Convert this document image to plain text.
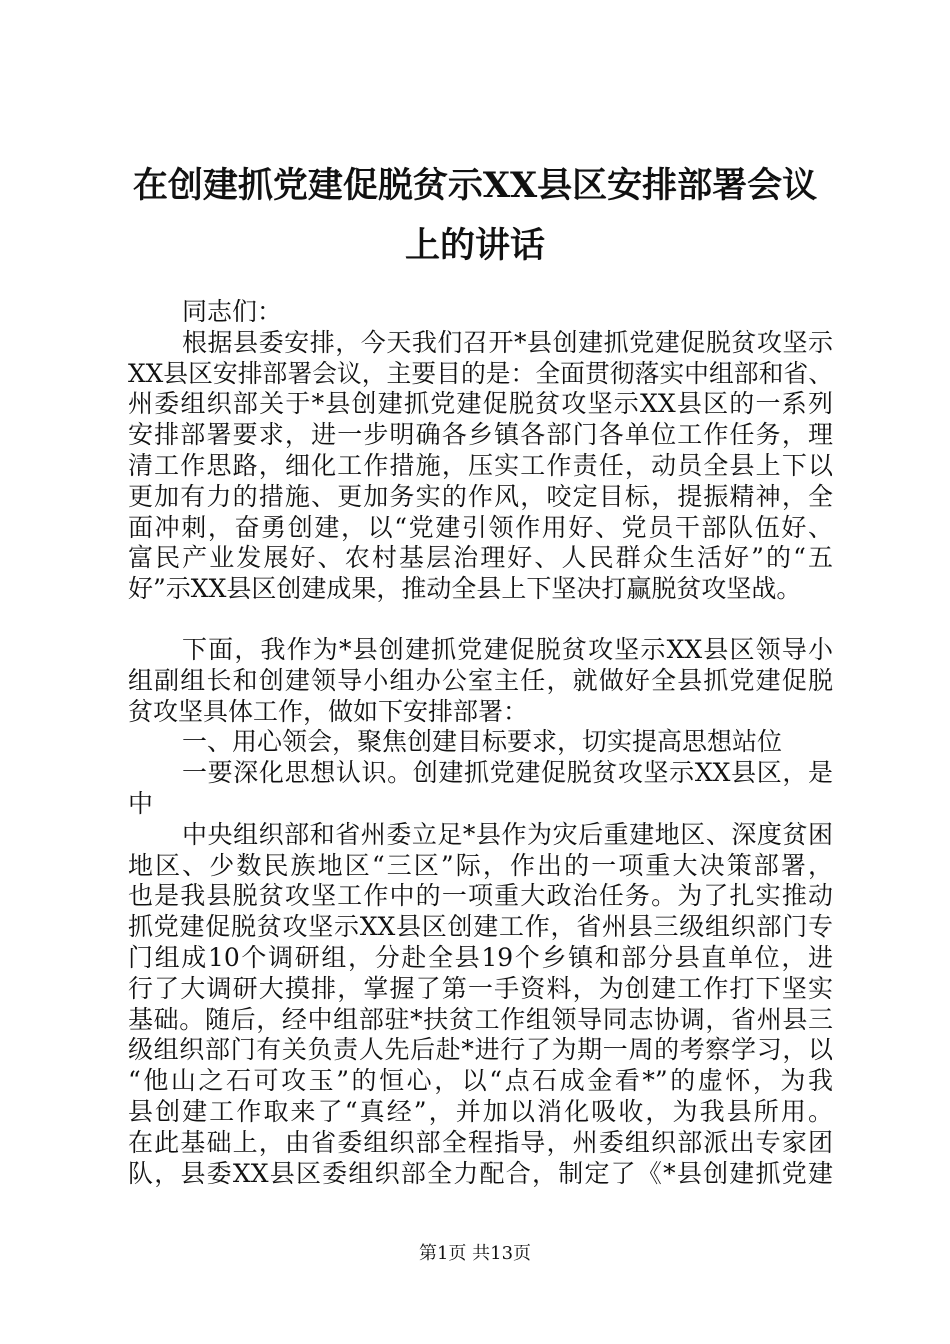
在创建抓党建促脱贫示XX县区安排部署会议
上的讲话
同志们：
根据县委安排，今天我们召开*县创建抓党建促脱贫攻坚示
XX县区安排部署会议，主要目的是：全面贯彻落实中组部和省、
州委组织部关于*县创建抓党建促脱贫攻坚示XX县区的一系列
安排部署要求，进一步明确各乡镇各部门各单位工作任务，理
清工作思路，细化工作措施，压实工作责任，动员全县上下以
更加有力的措施、更加务实的作风，咬定目标，提振精神，全
面冲刺，奋勇创建，以“党建引领作用好、党员干部队伍好、
富民产业发展好、农村基层治理好、人民群众生活好”的“五
好”示XX县区创建成果，推动全县上下坚决打赢脱贫攻坚战。
下面，我作为*县创建抓党建促脱贫攻坚示XX县区领导小
组副组长和创建领导小组办公室主任，就做好全县抓党建促脱
贫攻坚具体工作，做如下安排部署：
一、用心领会，聚焦创建目标要求，切实提高思想站位
一要深化思想认识。创建抓党建促脱贫攻坚示XX县区，是
中
中央组织部和省州委立足*县作为灾后重建地区、深度贫困
地区、少数民族地区“三区”际，作出的一项重大决策部署，
也是我县脱贫攻坚工作中的一项重大政治任务。为了扎实推动
抓党建促脱贫攻坚示XX县区创建工作，省州县三级组织部门专
门组成10个调研组，分赴全县19个乡镇和部分县直单位，进
行了大调研大摸排，掌握了第一手资料，为创建工作打下坚实
基础。随后，经中组部驻*扶贫工作组领导同志协调，省州县三
级组织部门有关负责人先后赴*进行了为期一周的考察学习，以
“他山之石可攻玉”的恒心，以“点石成金看*”的虚怀，为我
县创建工作取来了“真经”，并加以消化吸收，为我县所用。
在此基础上，由省委组织部全程指导，州委组织部派出专家团
队，县委XX县区委组织部全力配合，制定了《*县创建抓党建
第1页 共13页
